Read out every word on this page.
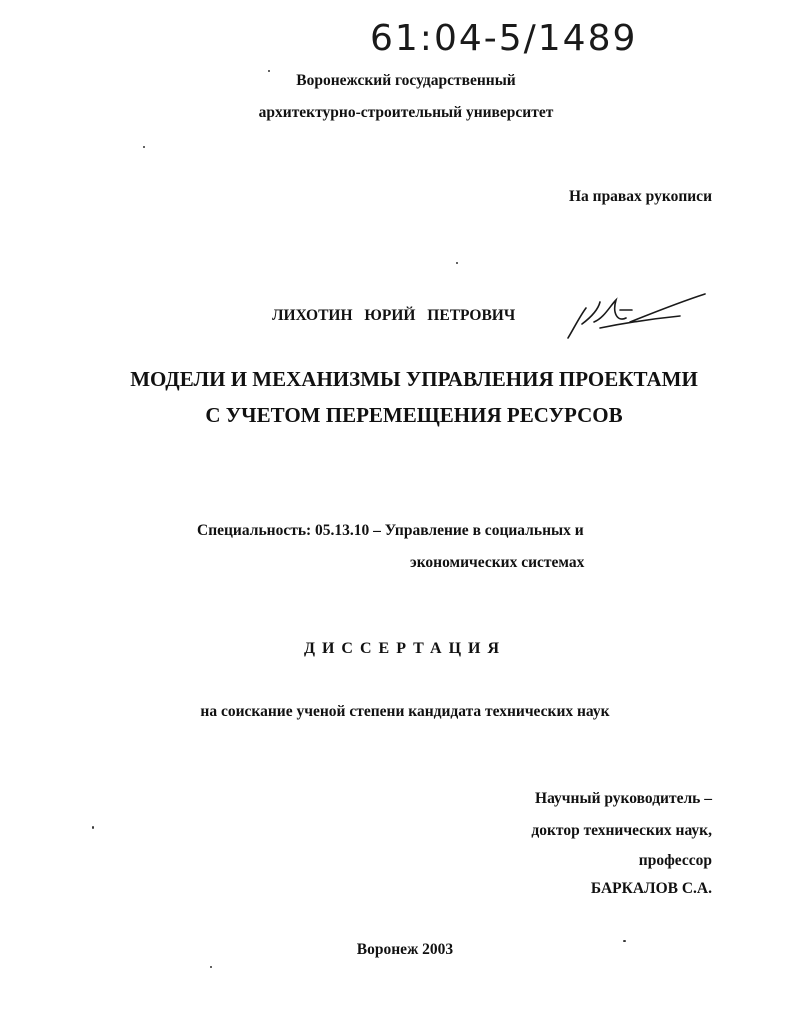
61:04-5/1489
Воронежский государственный
архитектурно-строительный университет
На правах рукописи
ЛИХОТИН ЮРИЙ ПЕТРОВИЧ
МОДЕЛИ И МЕХАНИЗМЫ УПРАВЛЕНИЯ ПРОЕКТАМИ
С УЧЕТОМ ПЕРЕМЕЩЕНИЯ РЕСУРСОВ
Специальность: 05.13.10 – Управление в социальных и
экономических системах
ДИССЕРТАЦИЯ
на соискание ученой степени кандидата технических наук
Научный руководитель –
доктор технических наук,
профессор
БАРКАЛОВ С.А.
Воронеж 2003
